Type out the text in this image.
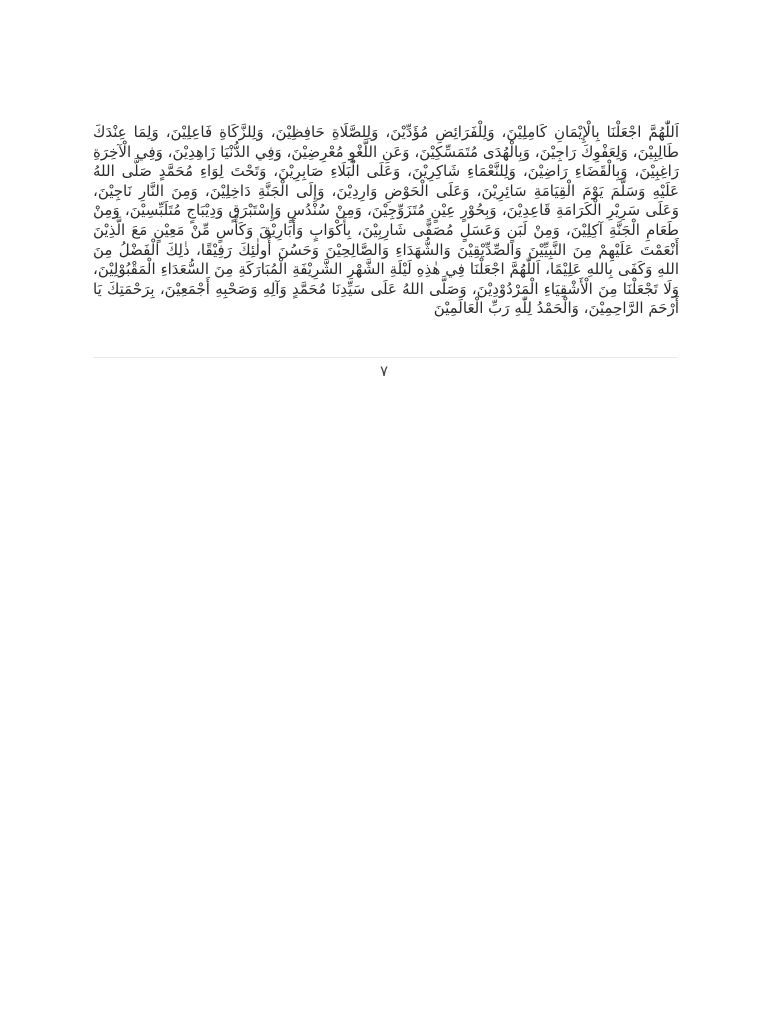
اَللّٰهُمَّ اجْعَلْنَا بِالْإِيْمَانِ كَامِلِيْنَ، وَلِلْفَرَائِضِ مُؤَدِّيْنَ، وَلِلصَّلَاةِ حَافِظِيْنَ، وَلِلزَّكَاةِ فَاعِلِيْنَ، وَلِمَا عِنْدَكَ طَالِبِيْنَ، وَلِعَفْوِكَ رَاجِيْنَ، وَبِالْهُدَى مُتَمَسِّكِيْنَ، وَعَنِ اللَّغْوِ مُعْرِضِيْنَ، وَفِي الدُّنْيَا زَاهِدِيْنَ، وَفِي الْآخِرَةِ رَاغِبِيْنَ، وَبِالْقَضَاءِ رَاضِيْنَ، وَلِلنَّعْمَاءِ شَاكِرِيْنَ، وَعَلَى الْبَلَاءِ صَابِرِيْنَ، وَتَحْتَ لِوَاءِ مُحَمَّدٍ صَلَّى اللهُ عَلَيْهِ وَسَلَّمَ يَوْمَ الْقِيَامَةِ سَائِرِيْنَ، وَعَلَى الْحَوْضِ وَارِدِيْنَ، وَإِلَى الْجَنَّةِ دَاخِلِيْنَ، وَمِنَ النَّارِ نَاجِيْنَ، وَعَلَى سَرِيْرِ الْكَرَامَةِ قَاعِدِيْنَ، وَبِحُوْرٍ عِيْنٍ مُتَزَوِّجِيْنَ، وَمِنْ سُنْدُسٍ وَإِسْتَبْرَقٍ وَدِيْبَاجٍ مُتَلَبِّسِيْنَ، وَمِنْ طَعَامِ الْجَنَّةِ آكِلِيْنَ، وَمِنْ لَبَنٍ وَعَسَلٍ مُصَفًّى شَارِبِيْنَ، بِأَكْوَابٍ وَأَبَارِيْقَ وَكَأْسٍ مِّنْ مَعِيْنٍ مَعَ الَّذِيْنَ أَنْعَمْتَ عَلَيْهِمْ مِنَ النَّبِيِّيْنَ وَالصِّدِّيْقِيْنَ وَالشُّهَدَاءِ وَالصَّالِحِيْنَ وَحَسُنَ أُولٰئِكَ رَفِيْقًا، ذٰلِكَ الْفَضْلُ مِنَ اللهِ وَكَفَى بِاللهِ عَلِيْمًا، اَللّٰهُمَّ اجْعَلْنَا فِي هٰذِهِ لَيْلَةِ الشَّهْرِ الشَّرِيْفَةِ الْمُبَارَكَةِ مِنَ السُّعَدَاءِ الْمَقْبُوْلِيْنَ، وَلَا تَجْعَلْنَا مِنَ الْأَشْقِيَاءِ الْمَرْدُوْدِيْنَ، وَصَلَّى اللهُ عَلَى سَيِّدِنَا مُحَمَّدٍ وَآلِهِ وَصَحْبِهِ أَجْمَعِيْنَ، بِرَحْمَتِكَ يَا أَرْحَمَ الرَّاحِمِيْنَ، وَالْحَمْدُ لِلّٰهِ رَبِّ الْعَالَمِيْنَ

٧
